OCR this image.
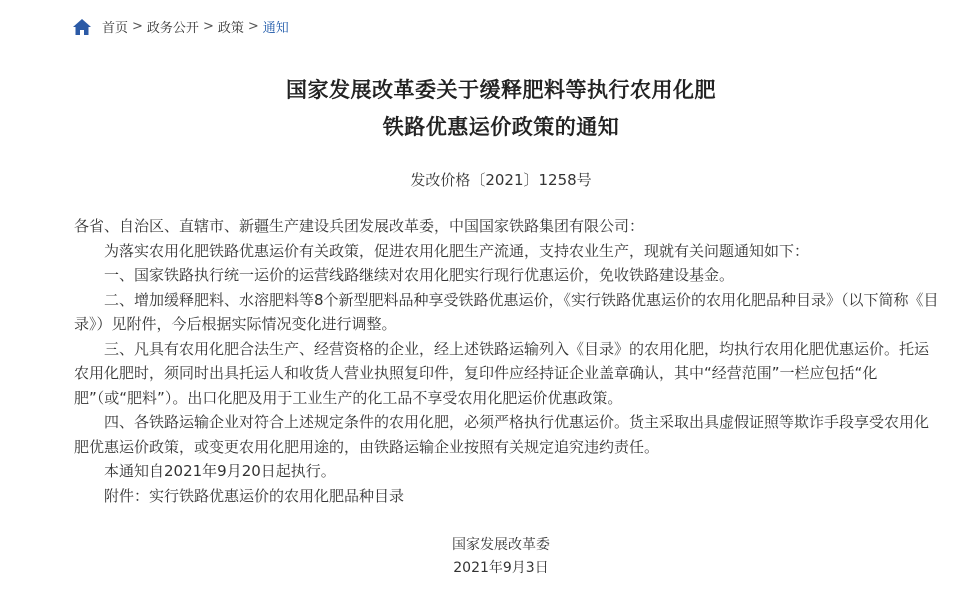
首页 > 政务公开 > 政策 > 通知
国家发展改革委关于缓释肥料等执行农用化肥
铁路优惠运价政策的通知
发改价格〔2021〕1258号

各省、自治区、直辖市、新疆生产建设兵团发展改革委，中国国家铁路集团有限公司：

为落实农用化肥铁路优惠运价有关政策，促进农用化肥生产流通，支持农业生产，现就有关问题通知如下：

一、国家铁路执行统一运价的运营线路继续对农用化肥实行现行优惠运价，免收铁路建设基金。

二、增加缓释肥料、水溶肥料等8个新型肥料品种享受铁路优惠运价，《实行铁路优惠运价的农用化肥品种目录》（以下简称《目录》）见附件，今后根据实际情况变化进行调整。

三、凡具有农用化肥合法生产、经营资格的企业，经上述铁路运输列入《目录》的农用化肥，均执行农用化肥优惠运价。托运农用化肥时，须同时出具托运人和收货人营业执照复印件，复印件应经持证企业盖章确认，其中“经营范围”一栏应包括“化肥”（或“肥料”）。出口化肥及用于工业生产的化工品不享受农用化肥运价优惠政策。

四、各铁路运输企业对符合上述规定条件的农用化肥，必须严格执行优惠运价。货主采取出具虚假证照等欺诈手段享受农用化肥优惠运价政策，或变更农用化肥用途的，由铁路运输企业按照有关规定追究违约责任。

本通知自2021年9月20日起执行。

附件：实行铁路优惠运价的农用化肥品种目录

国家发展改革委
2021年9月3日
